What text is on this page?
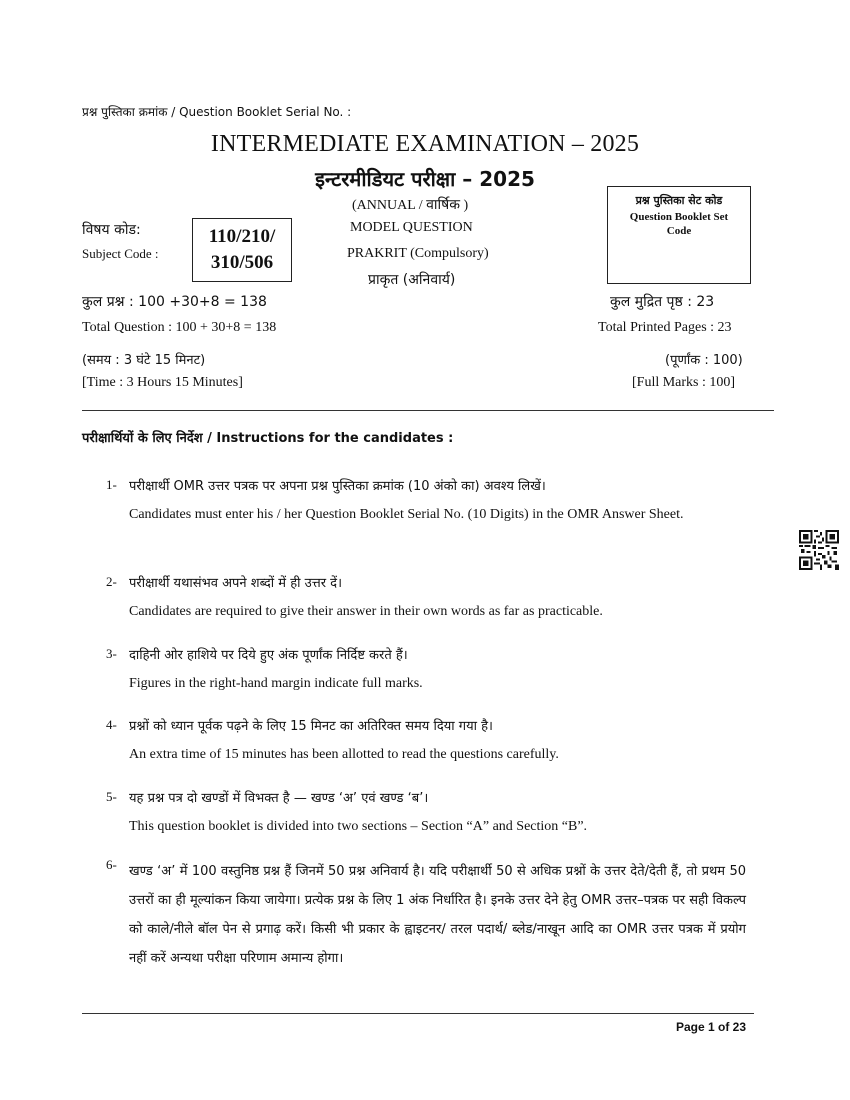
प्रश्न पुस्तिका क्रमांक / Question Booklet Serial No. :
INTERMEDIATE EXAMINATION – 2025
इन्टरमीडियट परीक्षा – 2025
(ANNUAL / वार्षिक )
MODEL QUESTION
PRAKRIT (Compulsory)
प्राकृत (अनिवार्य)
विषय कोड:
Subject Code :
110/210/
310/506
प्रश्न पुस्तिका सेट कोड
Question Booklet Set Code
कुल प्रश्न : 100 +30+8 = 138
Total Question : 100 + 30+8 = 138
कुल मुद्रित पृष्ठ : 23
Total Printed Pages : 23
(समय : 3 घंटे 15 मिनट)
[Time : 3 Hours 15 Minutes]
(पूर्णांक : 100)
[Full Marks : 100]
परीक्षार्थियों के लिए निर्देश / Instructions for the candidates :
1- परीक्षार्थी OMR उत्तर पत्रक पर अपना प्रश्न पुस्तिका क्रमांक (10 अंको का) अवश्य लिखें।
Candidates must enter his / her Question Booklet Serial No. (10 Digits) in the OMR Answer Sheet.
2- परीक्षार्थी यथासंभव अपने शब्दों में ही उत्तर दें।
Candidates are required to give their answer in their own words as far as practicable.
3- दाहिनी ओर हाशिये पर दिये हुए अंक पूर्णांक निर्दिष्ट करते हैं।
Figures in the right-hand margin indicate full marks.
4- प्रश्नों को ध्यान पूर्वक पढ़ने के लिए 15 मिनट का अतिरिक्त समय दिया गया है।
An extra time of 15 minutes has been allotted to read the questions carefully.
5- यह प्रश्न पत्र दो खण्डों में विभक्त है — खण्ड ‘अ’ एवं खण्ड ‘ब’।
This question booklet is divided into two sections – Section “A” and Section “B”.
6- खण्ड ‘अ’ में 100 वस्तुनिष्ठ प्रश्न हैं जिनमें 50 प्रश्न अनिवार्य है। यदि परीक्षार्थी 50 से अधिक प्रश्नों के उत्तर देते/देती हैं, तो प्रथम 50 उत्तरों का ही मूल्यांकन किया जायेगा। प्रत्येक प्रश्न के लिए 1 अंक निर्धारित है। इनके उत्तर देने हेतु OMR उत्तर–पत्रक पर सही विकल्प को काले/नीले बॉल पेन से प्रगाढ़ करें। किसी भी प्रकार के ह्वाइटनर/ तरल पदार्थ/ ब्लेड/नाखून आदि का OMR उत्तर पत्रक में प्रयोग नहीं करें अन्यथा परीक्षा परिणाम अमान्य होगा।
Page 1 of 23
